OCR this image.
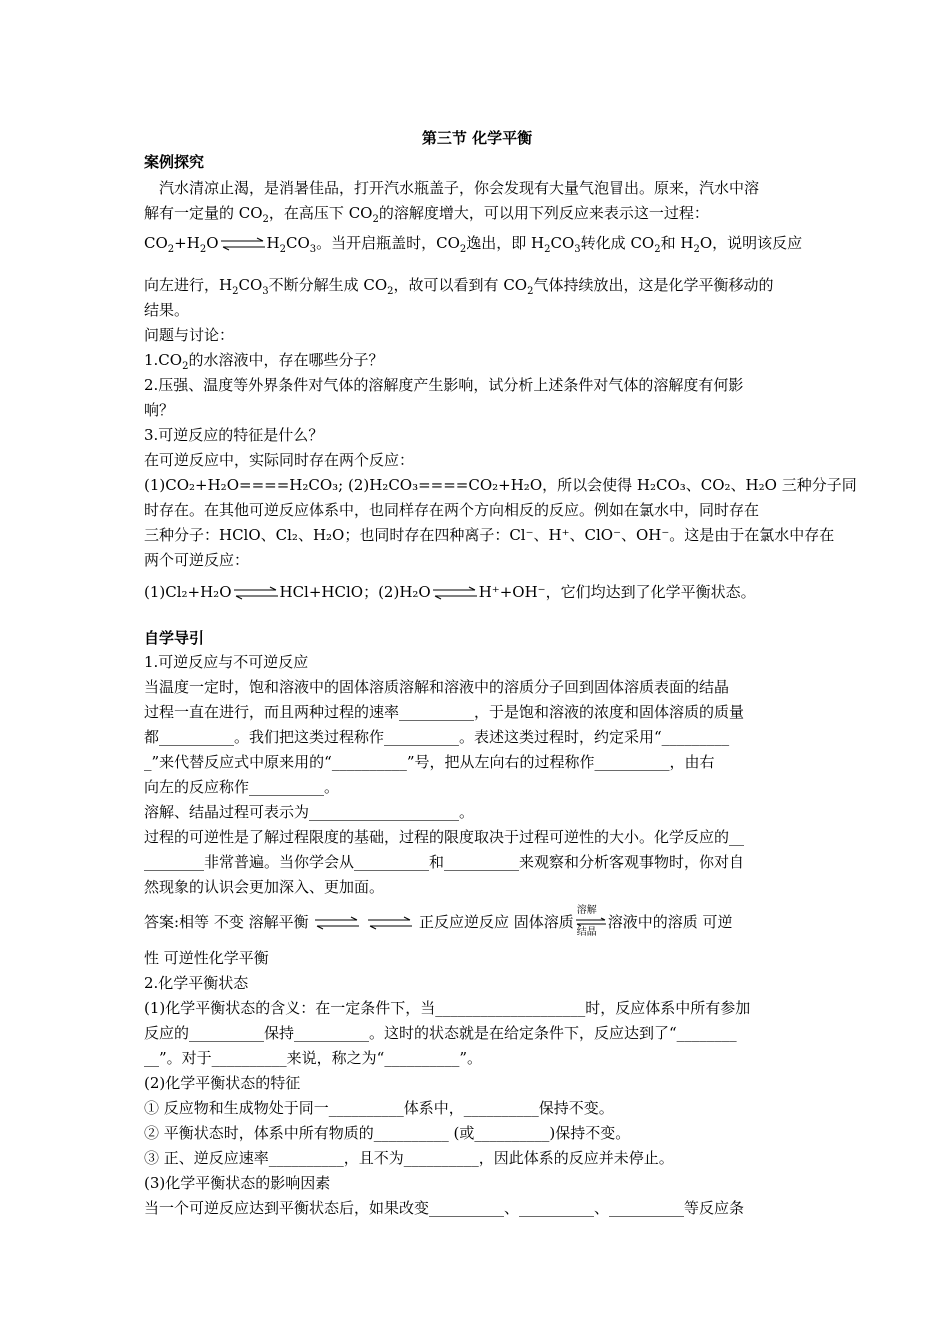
第三节 化学平衡
案例探究
　汽水清凉止渴，是消暑佳品，打开汽水瓶盖子，你会发现有大量气泡冒出。原来，汽水中溶
解有一定量的 $CO_2$，在高压下 $CO_2$的溶解度增大，可以用下列反应来表示这一过程：
$CO_2+H_2O\rightleftharpoons H_2CO_3$。当开启瓶盖时，$CO_2$逸出，即 $H_2CO_3$转化成 $CO_2$和 $H_2O$，说明该反应
向左进行，$H_2CO_3$不断分解生成 $CO_2$，故可以看到有 $CO_2$气体持续放出，这是化学平衡移动的
结果。
问题与讨论：
$1.CO_2$的水溶液中，存在哪些分子？
2.压强、温度等外界条件对气体的溶解度产生影响，试分析上述条件对气体的溶解度有何影
响？
3.可逆反应的特征是什么？
在可逆反应中，实际同时存在两个反应：
(1)CO₂+H₂O====H₂CO₃; (2)H₂CO₃====CO₂+H₂O，所以会使得 H₂CO₃、CO₂、H₂O 三种分子同
时存在。在其他可逆反应体系中，也同样存在两个方向相反的反应。例如在氯水中，同时存在
三种分子：HClO、Cl₂、H₂O；也同时存在四种离子：Cl⁻、H⁺、ClO⁻、OH⁻。这是由于在氯水中存在
两个可逆反应：
(1)Cl₂+H₂O⇌HCl+HClO；(2)H₂O⇌H⁺+OH⁻，它们均达到了化学平衡状态。
自学导引
1.可逆反应与不可逆反应
当温度一定时，饱和溶液中的固体溶质溶解和溶液中的溶质分子回到固体溶质表面的结晶
过程一直在进行，而且两种过程的速率__________，于是饱和溶液的浓度和固体溶质的质量
都__________。我们把这类过程称作__________。表述这类过程时，约定采用“_________
_”来代替反应式中原来用的“__________”号，把从左向右的过程称作__________，由右
向左的反应称作__________。
溶解、结晶过程可表示为____________________。
过程的可逆性是了解过程限度的基础，过程的限度取决于过程可逆性的大小。化学反应的__
________非常普遍。当你学会从__________和__________来观察和分析客观事物时，你对自
然现象的认识会更加深入、更加面。
答案:相等 不变 溶解平衡
	正反应逆反应 固体溶质
溶解
结晶
溶液中的溶质 可逆
性 可逆性化学平衡
2.化学平衡状态
(1)化学平衡状态的含义：在一定条件下，当____________________时，反应体系中所有参加
反应的__________保持__________。这时的状态就是在给定条件下，反应达到了“________
__”。对于__________来说，称之为“__________”。
(2)化学平衡状态的特征
① 反应物和生成物处于同一__________体系中，__________保持不变。
② 平衡状态时，体系中所有物质的__________ (或__________)保持不变。
③ 正、逆反应速率__________，且不为__________，因此体系的反应并未停止。
(3)化学平衡状态的影响因素
当一个可逆反应达到平衡状态后，如果改变__________、__________、__________等反应条
